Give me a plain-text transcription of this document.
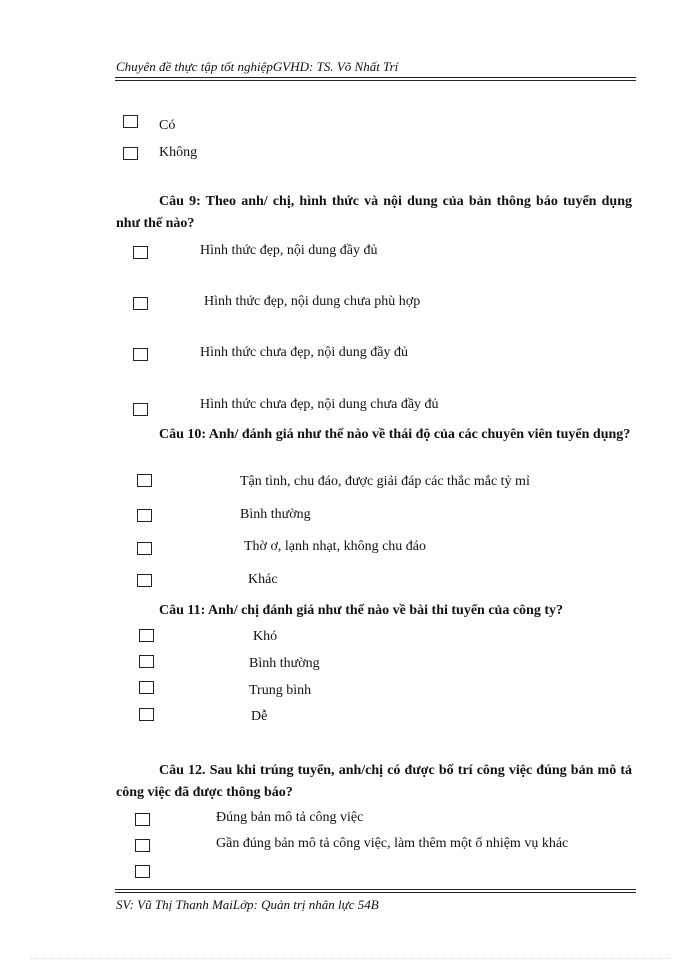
Chuyên đề thực tập tốt nghiệpGVHD: TS. Võ Nhất Trí
Có
Không
Câu 9: Theo anh/ chị, hình thức và nội dung của bản thông báo tuyển dụng như thế nào?
Hình thức đẹp, nội dung đầy đủ
Hình thức đẹp, nội dung chưa phù hợp
Hình thức chưa đẹp, nội dung đầy đủ
Hình thức chưa đẹp, nội dung chưa đầy đủ
Câu 10: Anh/ đánh giá như thế nào về thái độ của các chuyên viên tuyển dụng?
Tận tình, chu đáo, được giải đáp các thắc mắc tỷ mỉ
Bình thường
Thờ ơ, lạnh nhạt, không chu đáo
Khác
Câu 11: Anh/ chị đánh giá như thế nào về bài thi tuyển của công ty?
Khó
Bình thường
Trung bình
Dễ
Câu 12. Sau khi trúng tuyển, anh/chị có được bố trí công việc đúng bản mô tả công việc đã được thông báo?
Đúng bản mô tả công việc
Gần đúng bản mô tả công việc, làm thêm một ố nhiệm vụ khác
SV: Vũ Thị Thanh MaiLớp: Quản trị nhân lực 54B
